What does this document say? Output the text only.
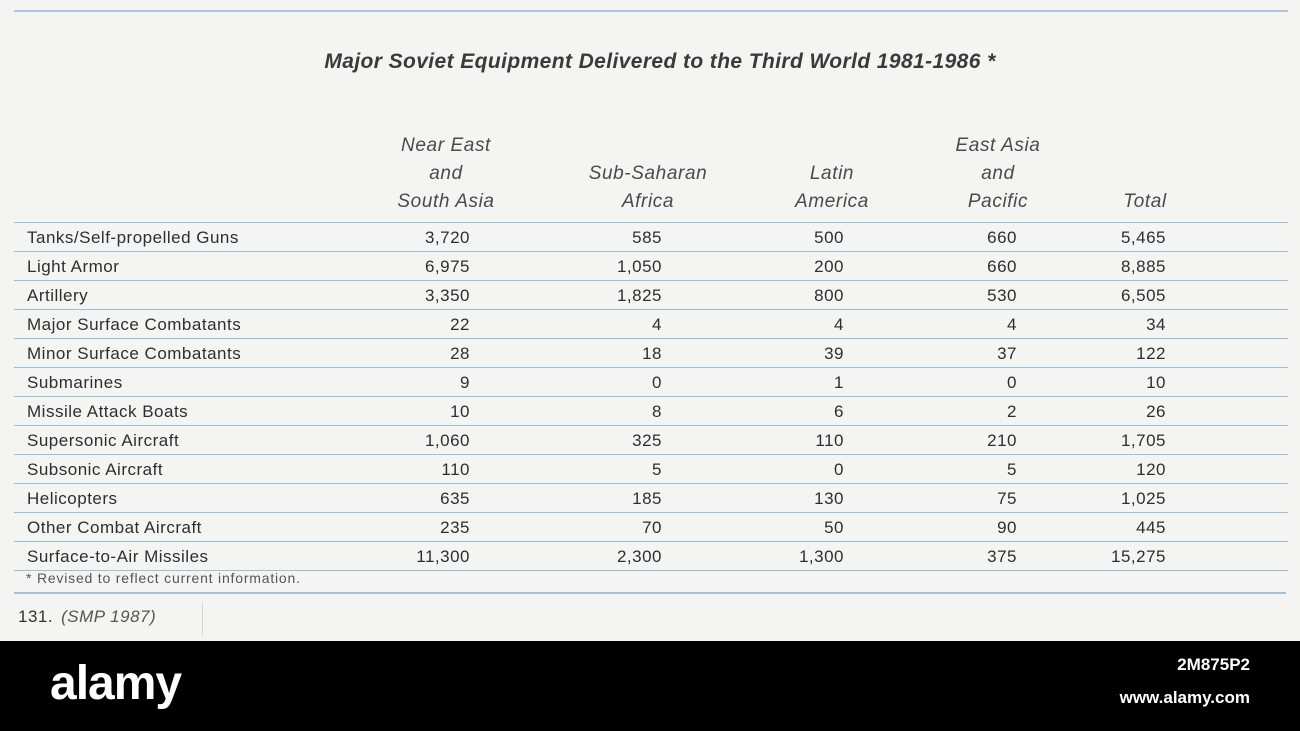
Major Soviet Equipment Delivered to the Third World 1981-1986 *
Near East
and
South Asia
Sub-Saharan
Africa
Latin
America
East Asia
and
Pacific	Total
Tanks/Self-propelled Guns	3,720	585	500	660	5,465
Light Armor	6,975	1,050	200	660	8,885
Artillery	3,350	1,825	800	530	6,505
Major Surface Combatants	22	4	4	4	34
Minor Surface Combatants	28	18	39	37	122
Submarines	9	0	1	0	10
Missile Attack Boats	10	8	6	2	26
Supersonic Aircraft	1,060	325	110	210	1,705
Subsonic Aircraft	110	5	0	5	120
Helicopters	635	185	130	75	1,025
Other Combat Aircraft	235	70	50	90	445
Surface-to-Air Missiles	11,300	2,300	1,300	375	15,275
* Revised to reflect current information.
131. (SMP 1987)
alamy	2M875P2
www.alamy.com
